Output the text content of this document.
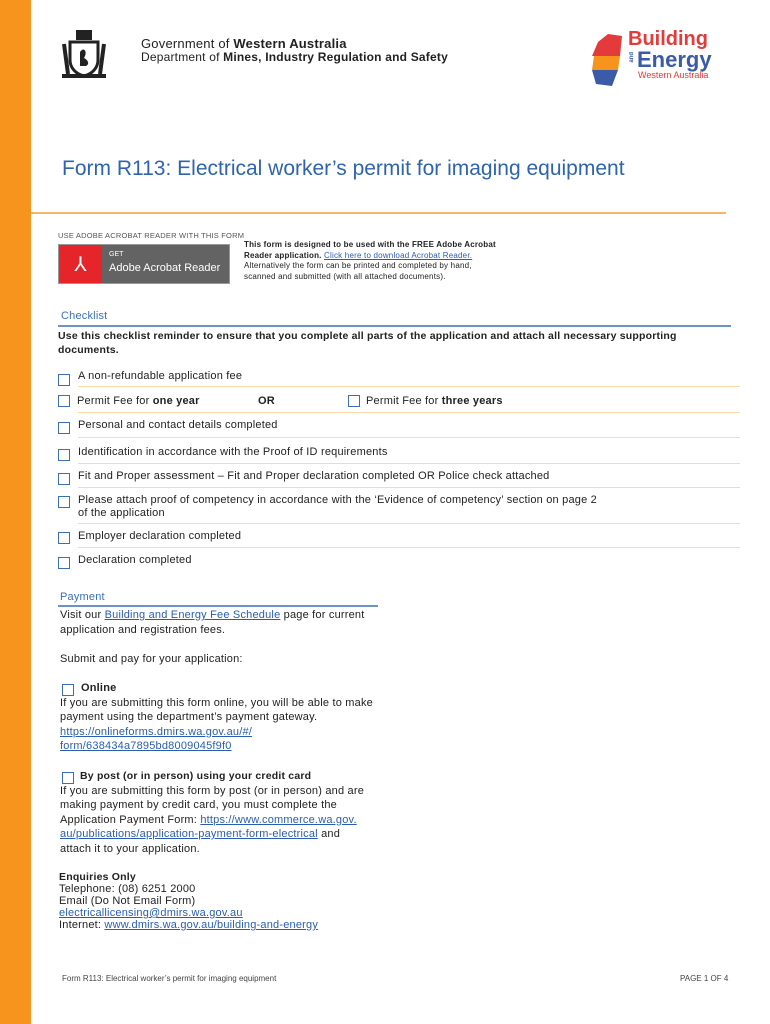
Government of Western Australia
Department of Mines, Industry Regulation and Safety
Building
and Energy
Western Australia
Form R113: Electrical worker’s permit for imaging equipment
USE ADOBE ACROBAT READER WITH THIS FORM
⅄	GET
Adobe Acrobat Reader
This form is designed to be used with the FREE Adobe Acrobat Reader application. Click here to download Acrobat Reader.
Alternatively the form can be printed and completed by hand,
scanned and submitted (with all attached documents).
Checklist
Use this checklist reminder to ensure that you complete all parts of the application and attach all necessary supporting
documents.
A non-refundable application fee
Permit Fee for one year	OR	Permit Fee for three years
Personal and contact details completed
Identification in accordance with the Proof of ID requirements
Fit and Proper assessment – Fit and Proper declaration completed OR Police check attached
Please attach proof of competency in accordance with the ‘Evidence of competency’ section on page 2
of the application
Employer declaration completed
Declaration completed
Payment
Visit our Building and Energy Fee Schedule page for current
application and registration fees.
Submit and pay for your application:
Online
If you are submitting this form online, you will be able to make
payment using the department’s payment gateway.
https://onlineforms.dmirs.wa.gov.au/#/
form/638434a7895bd8009045f9f0
By post (or in person) using your credit card
If you are submitting this form by post (or in person) and are
making payment by credit card, you must complete the
Application Payment Form: https://www.commerce.wa.gov.
au/publications/application-payment-form-electrical and
attach it to your application.
Enquiries Only
Telephone: (08) 6251 2000
Email (Do Not Email Form)
electricallicensing@dmirs.wa.gov.au
Internet: www.dmirs.wa.gov.au/building-and-energy
Form R113: Electrical worker’s permit for imaging equipment	PAGE 1 OF 4
